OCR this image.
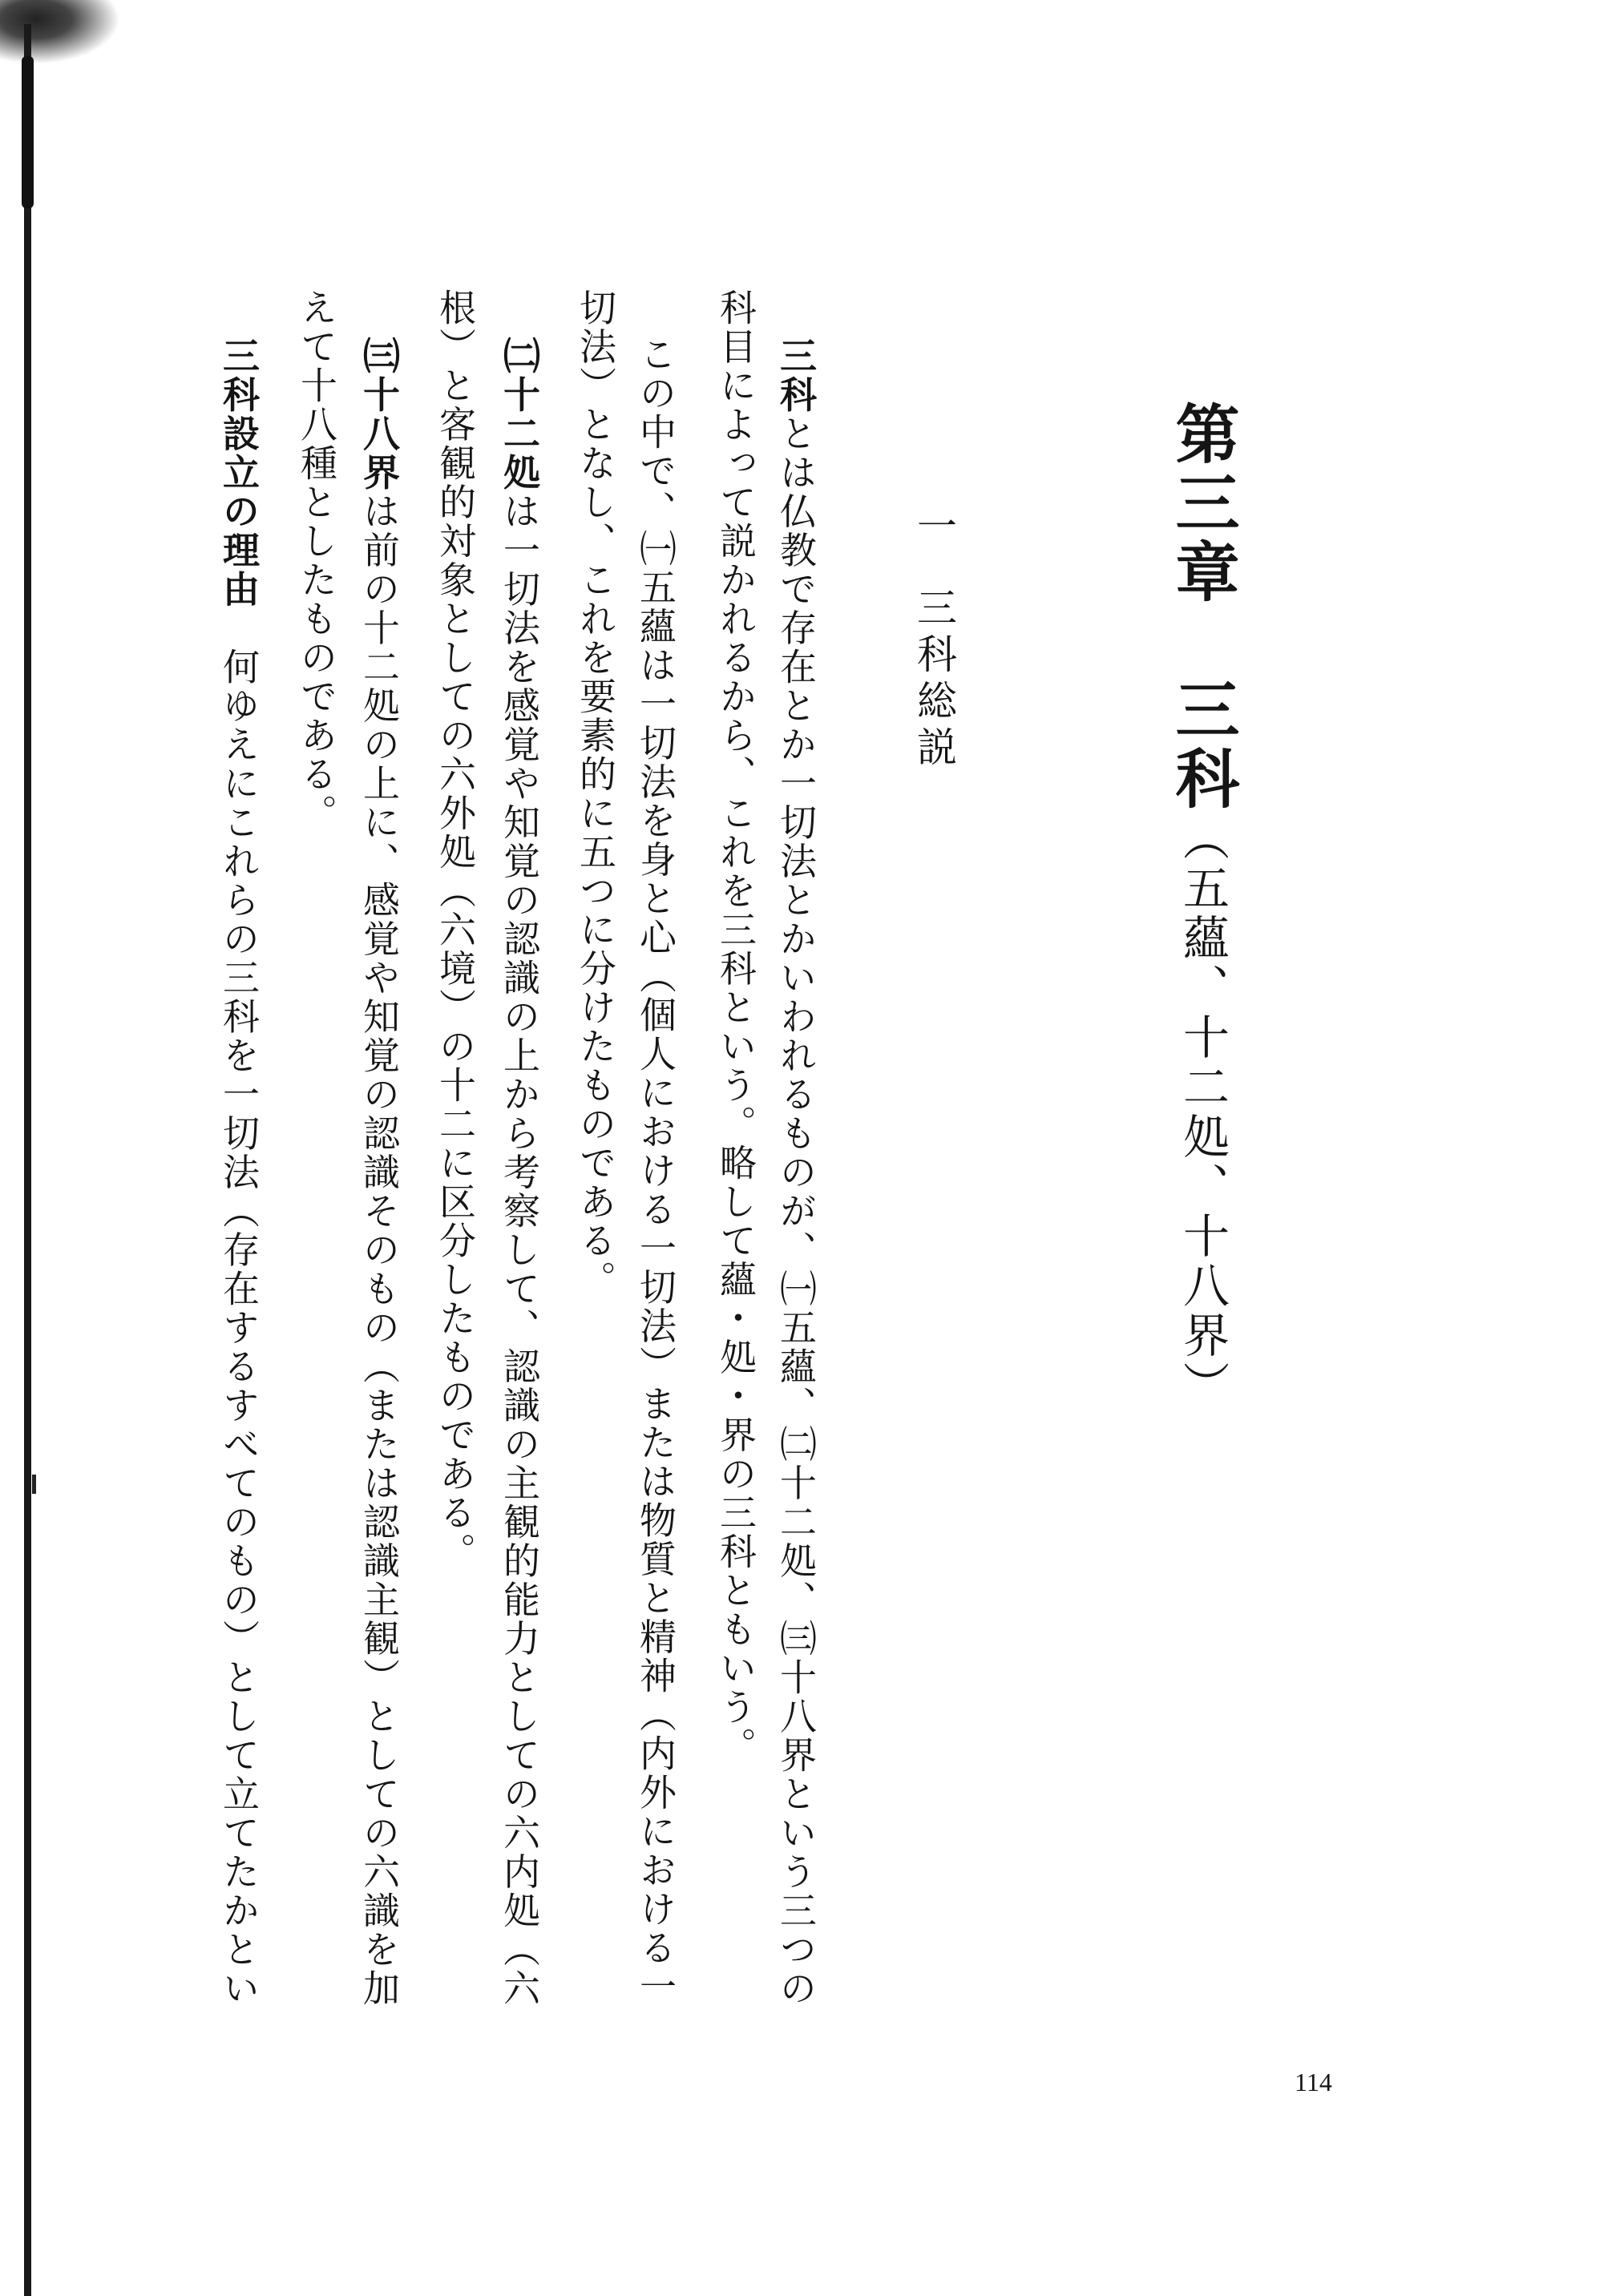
第三章　三科（五蘊、十二処、十八界）
一三科総説
三科とは仏教で存在とか一切法とかいわれるものが、㈠五蘊、㈡十二処、㈢十八界という三つの
科目によって説かれるから、これを三科という。略して蘊・処・界の三科ともいう。
この中で、㈠五蘊は一切法を身と心（個人における一切法）または物質と精神（内外における一
切法）となし、これを要素的に五つに分けたものである。
㈡十二処は一切法を感覚や知覚の認識の上から考察して、認識の主観的能力としての六内処（六
根）と客観的対象としての六外処（六境）の十二に区分したものである。
㈢十八界は前の十二処の上に、感覚や知覚の認識そのもの（または認識主観）としての六識を加
えて十八種としたものである。
三科設立の理由　何ゆえにこれらの三科を一切法（存在するすべてのもの）として立てたかとい
114
